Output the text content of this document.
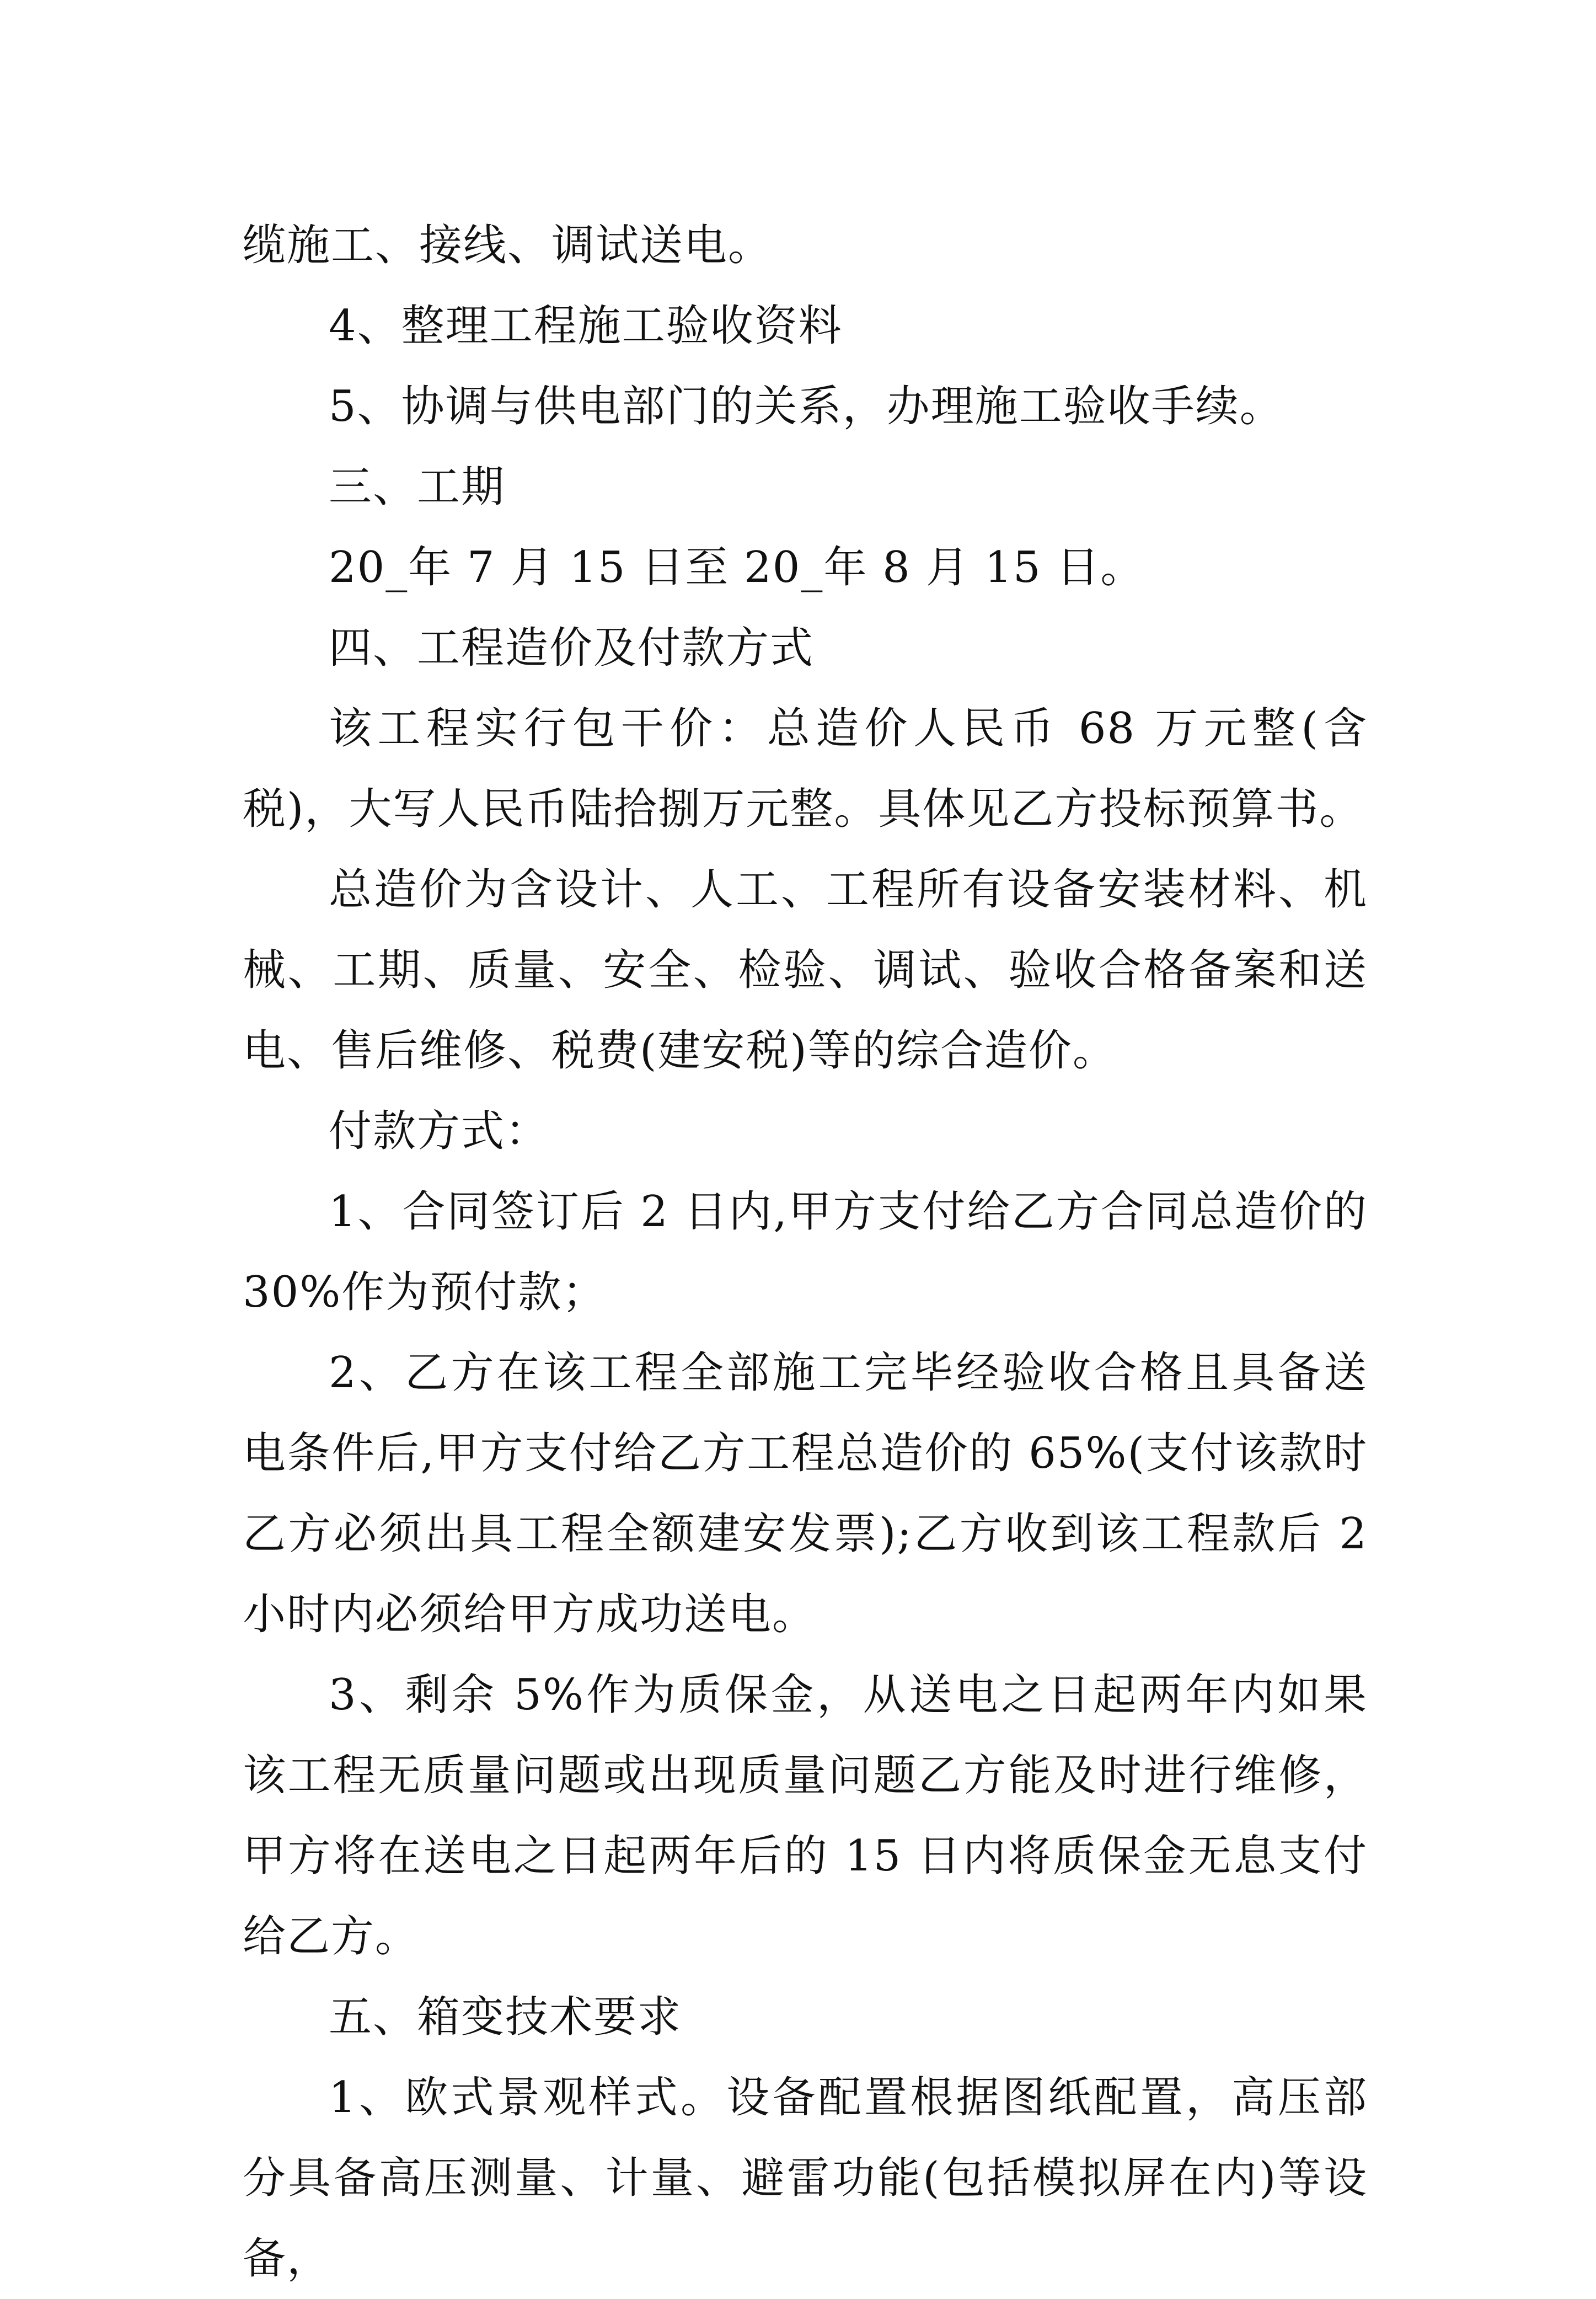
缆施工、接线、调试送电。

4、整理工程施工验收资料

5、协调与供电部门的关系，办理施工验收手续。

三、工期

20_年 7 月 15 日至 20_年 8 月 15 日。

四、工程造价及付款方式

该工程实行包干价：总造价人民币 68 万元整(含税)，大写人民币陆拾捌万元整。具体见乙方投标预算书。

总造价为含设计、人工、工程所有设备安装材料、机械、工期、质量、安全、检验、调试、验收合格备案和送电、售后维修、税费(建安税)等的综合造价。

付款方式：

1、合同签订后 2 日内,甲方支付给乙方合同总造价的 30%作为预付款；

2、乙方在该工程全部施工完毕经验收合格且具备送电条件后,甲方支付给乙方工程总造价的 65%(支付该款时乙方必须出具工程全额建安发票);乙方收到该工程款后 2 小时内必须给甲方成功送电。

3、剩余 5%作为质保金，从送电之日起两年内如果该工程无质量问题或出现质量问题乙方能及时进行维修，甲方将在送电之日起两年后的 15 日内将质保金无息支付给乙方。

五、箱变技术要求

1、欧式景观样式。设备配置根据图纸配置，高压部分具备高压测量、计量、避雷功能(包括模拟屏在内)等设备，
